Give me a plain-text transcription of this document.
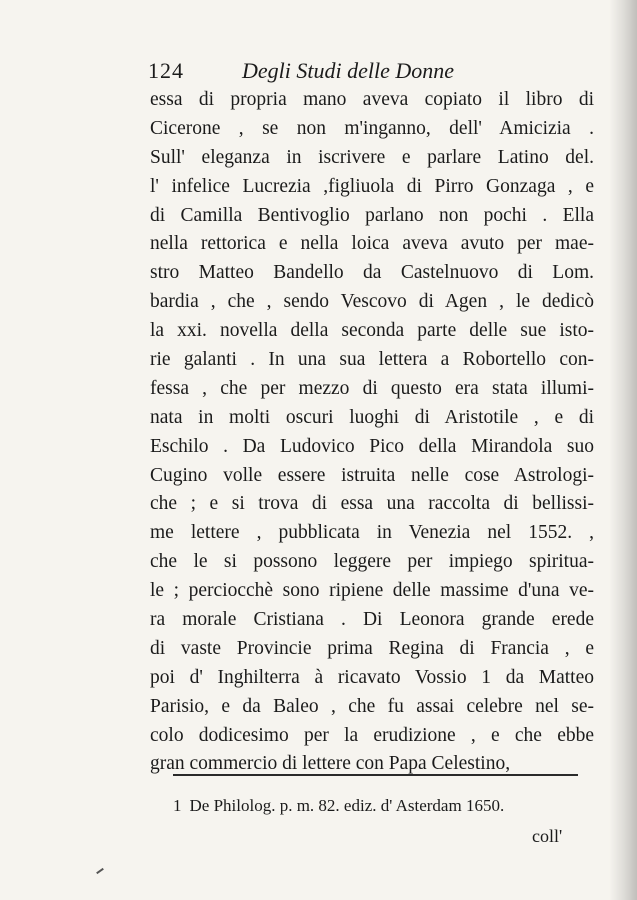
124	Degli Studi delle Donne
essa di propria mano aveva copiato il libro di
Cicerone , se non m'inganno, dell' Amicizia .
Sull' eleganza in iscrivere e parlare Latino del.
l' infelice Lucrezia ,figliuola di Pirro Gonzaga , e
di Camilla Bentivoglio parlano non pochi . Ella
nella rettorica e nella loica aveva avuto per mae-
stro Matteo Bandello da Castelnuovo di Lom.
bardia , che , sendo Vescovo di Agen , le dedicò
la xxi. novella della seconda parte delle sue isto-
rie galanti . In una sua lettera a Robortello con-
fessa , che per mezzo di questo era stata illumi-
nata in molti oscuri luoghi di Aristotile , e di
Eschilo . Da Ludovico Pico della Mirandola suo
Cugino volle essere istruita nelle cose Astrologi-
che ; e si trova di essa una raccolta di bellissi-
me lettere , pubblicata in Venezia nel 1552. ,
che le si possono leggere per impiego spiritua-
le ; perciocchè sono ripiene delle massime d'una ve-
ra morale Cristiana . Di Leonora grande erede
di vaste Provincie prima Regina di Francia , e
poi d' Inghilterra à ricavato Vossio 1 da Matteo
Parisio, e da Baleo , che fu assai celebre nel se-
colo dodicesimo per la erudizione , e che ebbe
gran commercio di lettere con Papa Celestino,
1 De Philolog. p. m. 82. ediz. d' Asterdam 1650.
coll'
